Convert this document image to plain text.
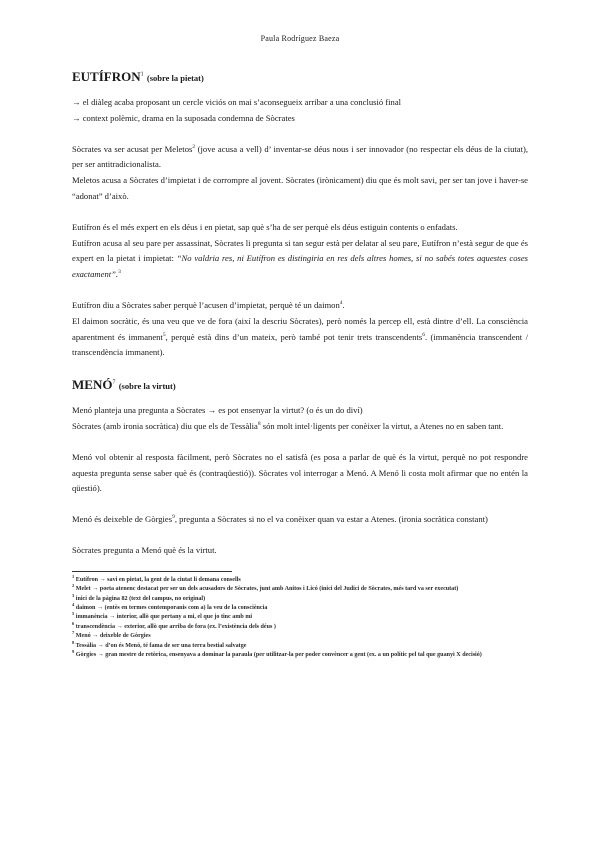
Paula Rodríguez Baeza
EUTÍFRON$^1$ (sobre la pietat)

→ el diàleg acaba proposant un cercle viciós on mai s’aconsegueix arribar a una conclusió final

→ context polèmic, drama en la suposada condemna de Sòcrates

Sòcrates va ser acusat per Meletos$^2$ (jove acusa a vell) d’ inventar-se déus nous i ser innovador (no respectar els déus de la ciutat), per ser antitradicionalista.

Meletos acusa a Sòcrates d’impietat i de corrompre al jovent. Sòcrates (irònicament) diu que és molt savi, per ser tan jove i haver-se “adonat” d’això.

Eutífron és el més expert en els déus i en pietat, sap què s’ha de ser perquè els déus estiguin contents o enfadats.

Eutífron acusa al seu pare per assassinat, Sòcrates li pregunta si tan segur està per delatar al seu pare, Eutífron n’està segur de que és expert en la pietat i impietat: “No valdria res, ni Eutífron es distingiria en res dels altres homes, si no sabés totes aquestes coses exactament”.$^3$

Eutífron diu a Sòcrates saber perquè l’acusen d’impietat, perquè té un daimon$^4$.

El daimon socràtic, és una veu que ve de fora (així la descriu Sòcrates), però només la percep ell, està dintre d’ell. La consciència aparentment és immanent$^5$, perquè està dins d’un mateix, però també pot tenir trets transcendents$^6$. (immanència transcendent / transcendència immanent).

MENÓ$^7$ (sobre la virtut)

Menó planteja una pregunta a Sòcrates → es pot ensenyar la virtut? (o és un do diví)

Sòcrates (amb ironia socràtica) diu que els de Tessàlia$^8$ són molt intel·ligents per conèixer la virtut, a Atenes no en saben tant.

Menó vol obtenir al resposta fàcilment, però Sòcrates no el satisfà (es posa a parlar de què és la virtut, perquè no pot respondre aquesta pregunta sense saber què és (contraqüestió)). Sòcrates vol interrogar a Menó. A Menó li costa molt afirmar que no entén la qüestió).

Menó és deixeble de Gòrgies$^9$, pregunta a Sòcrates si no el va conèixer quan va estar a Atenes. (ironia socràtica constant)

Sòcrates pregunta a Menó què és la virtut.

$^1$ Eutífron → savi en pietat, la gent de la ciutat li demana consells

$^2$ Melet → poeta atenenc destacat per ser un dels acusadors de Sòcrates, junt amb Anitos i Licó (inici del Judici de Sòcrates, més tard va ser executat)

$^3$ inici de la pàgina 82 (text del campus, no original)

$^4$ daimon → (entès en termes contemporanis com a) la veu de la consciència

$^5$ immanència → interior, allò que pertany a mi, el que jo tinc amb mi

$^6$ transcendència → exterior, allò que arriba de fora (ex. l’existència dels déus )

$^7$ Menó → deixeble de Gòrgies

$^8$ Tessàlia → d’on és Menó, té fama de ser una terra bestial salvatge

$^9$ Gòrgies → gran mestre de retòrica, ensenyava a dominar la paraula (per utilitzar-la per poder convèncer a gent (ex. a un polític pel tal que guanyi X decisió)
